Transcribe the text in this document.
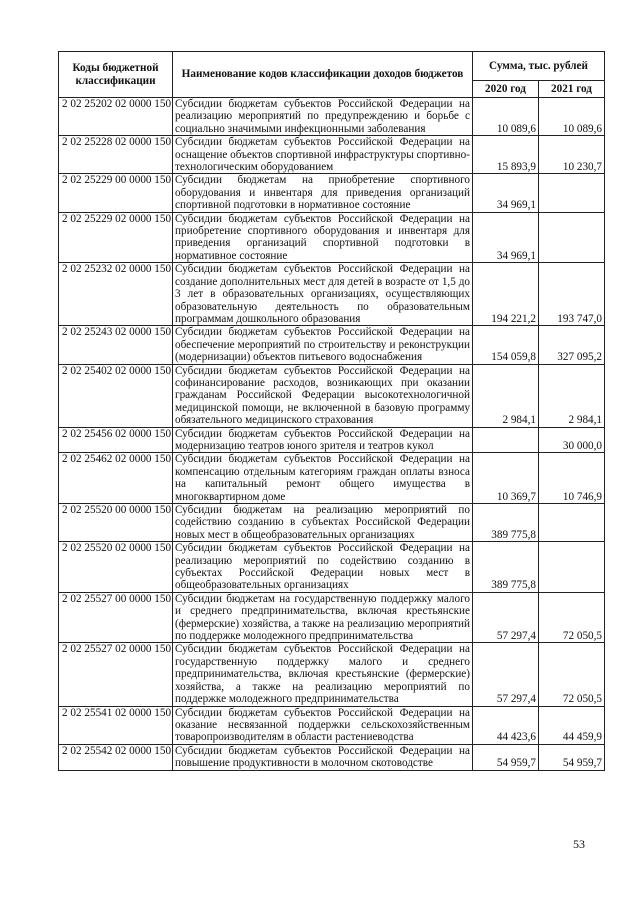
Коды бюджетной классификации	Наименование кодов классификации доходов бюджетов	Сумма, тыс. рублей	
		2020 год	2021 год
2 02 25202 02 0000 150	Субсидии бюджетам субъектов Российской Федерации на реализацию мероприятий по предупреждению и борьбе с социально значимыми инфекционными заболевания	10 089,6	10 089,6
2 02 25228 02 0000 150	Субсидии бюджетам субъектов Российской Федерации на оснащение объектов спортивной инфраструктуры спортивно-технологическим оборудованием	15 893,9	10 230,7
2 02 25229 00 0000 150	Субсидии бюджетам на приобретение спортивного оборудования и инвентаря для приведения организаций спортивной подготовки в нормативное состояние	34 969,1	
2 02 25229 02 0000 150	Субсидии бюджетам субъектов Российской Федерации на приобретение спортивного оборудования и инвентаря для приведения организаций спортивной подготовки в нормативное состояние	34 969,1	
2 02 25232 02 0000 150	Субсидии бюджетам субъектов Российской Федерации на создание дополнительных мест для детей в возрасте от 1,5 до 3 лет в образовательных организациях, осуществляющих образовательную деятельность по образовательным программам дошкольного образования	194 221,2	193 747,0
2 02 25243 02 0000 150	Субсидии бюджетам субъектов Российской Федерации на обеспечение мероприятий по строительству и реконструкции (модернизации) объектов питьевого водоснабжения	154 059,8	327 095,2
2 02 25402 02 0000 150	Субсидии бюджетам субъектов Российской Федерации на софинансирование расходов, возникающих при оказании гражданам Российской Федерации высокотехнологичной медицинской помощи, не включенной в базовую программу обязательного медицинского страхования	2 984,1	2 984,1
2 02 25456 02 0000 150	Субсидии бюджетам субъектов Российской Федерации на модернизацию театров юного зрителя и театров кукол		30 000,0
2 02 25462 02 0000 150	Субсидии бюджетам субъектов Российской Федерации на компенсацию отдельным категориям граждан оплаты взноса на капитальный ремонт общего имущества в многоквартирном доме	10 369,7	10 746,9
2 02 25520 00 0000 150	Субсидии бюджетам на реализацию мероприятий по содействию созданию в субъектах Российской Федерации новых мест в общеобразовательных организациях	389 775,8	
2 02 25520 02 0000 150	Субсидии бюджетам субъектов Российской Федерации на реализацию мероприятий по содействию созданию в субъектах Российской Федерации новых мест в общеобразовательных организациях	389 775,8	
2 02 25527 00 0000 150	Субсидии бюджетам на государственную поддержку малого и среднего предпринимательства, включая крестьянские (фермерские) хозяйства, а также на реализацию мероприятий по поддержке молодежного предпринимательства	57 297,4	72 050,5
2 02 25527 02 0000 150	Субсидии бюджетам субъектов Российской Федерации на государственную поддержку малого и среднего предпринимательства, включая крестьянские (фермерские) хозяйства, а также на реализацию мероприятий по поддержке молодежного предпринимательства	57 297,4	72 050,5
2 02 25541 02 0000 150	Субсидии бюджетам субъектов Российской Федерации на оказание несвязанной поддержки сельскохозяйственным товаропроизводителям в области растениеводства	44 423,6	44 459,9
2 02 25542 02 0000 150	Субсидии бюджетам субъектов Российской Федерации на повышение продуктивности в молочном скотоводстве	54 959,7	54 959,7
53
